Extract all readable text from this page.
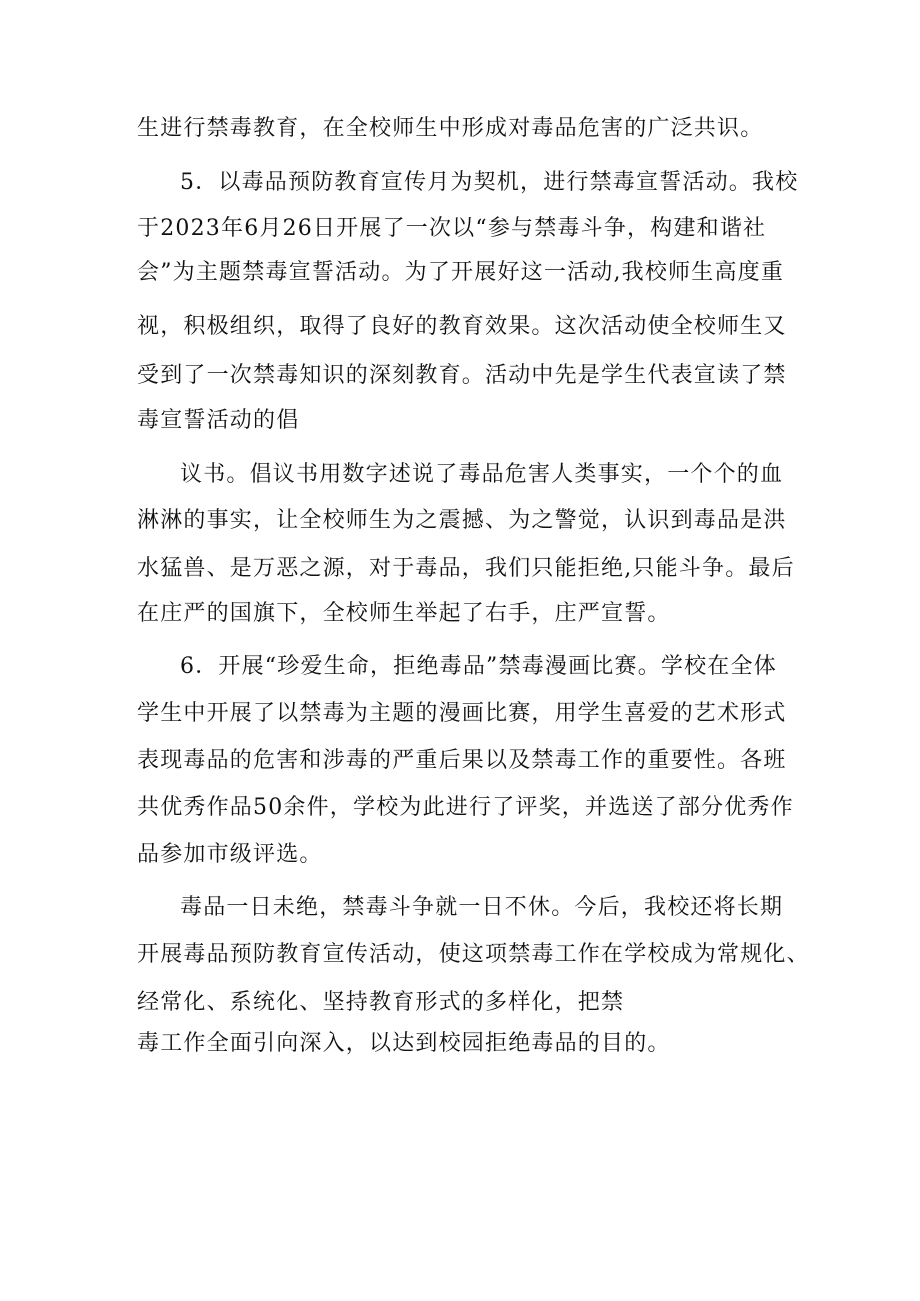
生进行禁毒教育，在全校师生中形成对毒品危害的广泛共识。
5．以毒品预防教育宣传月为契机，进行禁毒宣誓活动。我校
于2023年6月26日开展了一次以“参与禁毒斗争，构建和谐社
会”为主题禁毒宣誓活动。为了开展好这一活动,我校师生高度重
视，积极组织，取得了良好的教育效果。这次活动使全校师生又
受到了一次禁毒知识的深刻教育。活动中先是学生代表宣读了禁
毒宣誓活动的倡
议书。倡议书用数字述说了毒品危害人类事实，一个个的血
淋淋的事实，让全校师生为之震撼、为之警觉，认识到毒品是洪
水猛兽、是万恶之源，对于毒品，我们只能拒绝,只能斗争。最后
在庄严的国旗下，全校师生举起了右手，庄严宣誓。
6．开展“珍爱生命，拒绝毒品”禁毒漫画比赛。学校在全体
学生中开展了以禁毒为主题的漫画比赛，用学生喜爱的艺术形式
表现毒品的危害和涉毒的严重后果以及禁毒工作的重要性。各班
共优秀作品50余件，学校为此进行了评奖，并选送了部分优秀作
品参加市级评选。
毒品一日未绝，禁毒斗争就一日不休。今后，我校还将长期
开展毒品预防教育宣传活动，使这项禁毒工作在学校成为常规化、
经常化、系统化、坚持教育形式的多样化，把禁
毒工作全面引向深入，以达到校园拒绝毒品的目的。
